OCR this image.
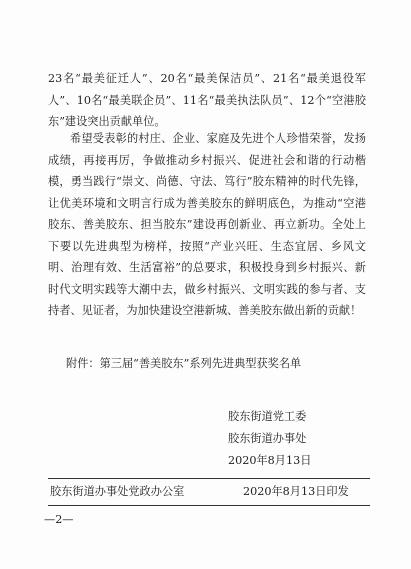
23名“最美征迁人”、20名“最美保洁员”、21名“最美退役军人”、10名“最美联企员”、11名“最美执法队员”、12个“空港胶东”建设突出贡献单位。

希望受表彰的村庄、企业、家庭及先进个人珍惜荣誉，发扬成绩，再接再厉，争做推动乡村振兴、促进社会和谐的行动楷模，勇当践行“崇文、尚德、守法、笃行”胶东精神的时代先锋，让优美环境和文明言行成为善美胶东的鲜明底色，为推动“空港胶东、善美胶东、担当胶东”建设再创新业、再立新功。全处上下要以先进典型为榜样，按照“产业兴旺、生态宜居、乡风文明、治理有效、生活富裕”的总要求，积极投身到乡村振兴、新时代文明实践等大潮中去，做乡村振兴、文明实践的参与者、支持者、见证者，为加快建设空港新城、善美胶东做出新的贡献！

附件：第三届“善美胶东”系列先进典型获奖名单

胶东街道党工委

胶东街道办事处

2020年8月13日

胶东街道办事处党政办公室	2020年8月13日印发

—2—
